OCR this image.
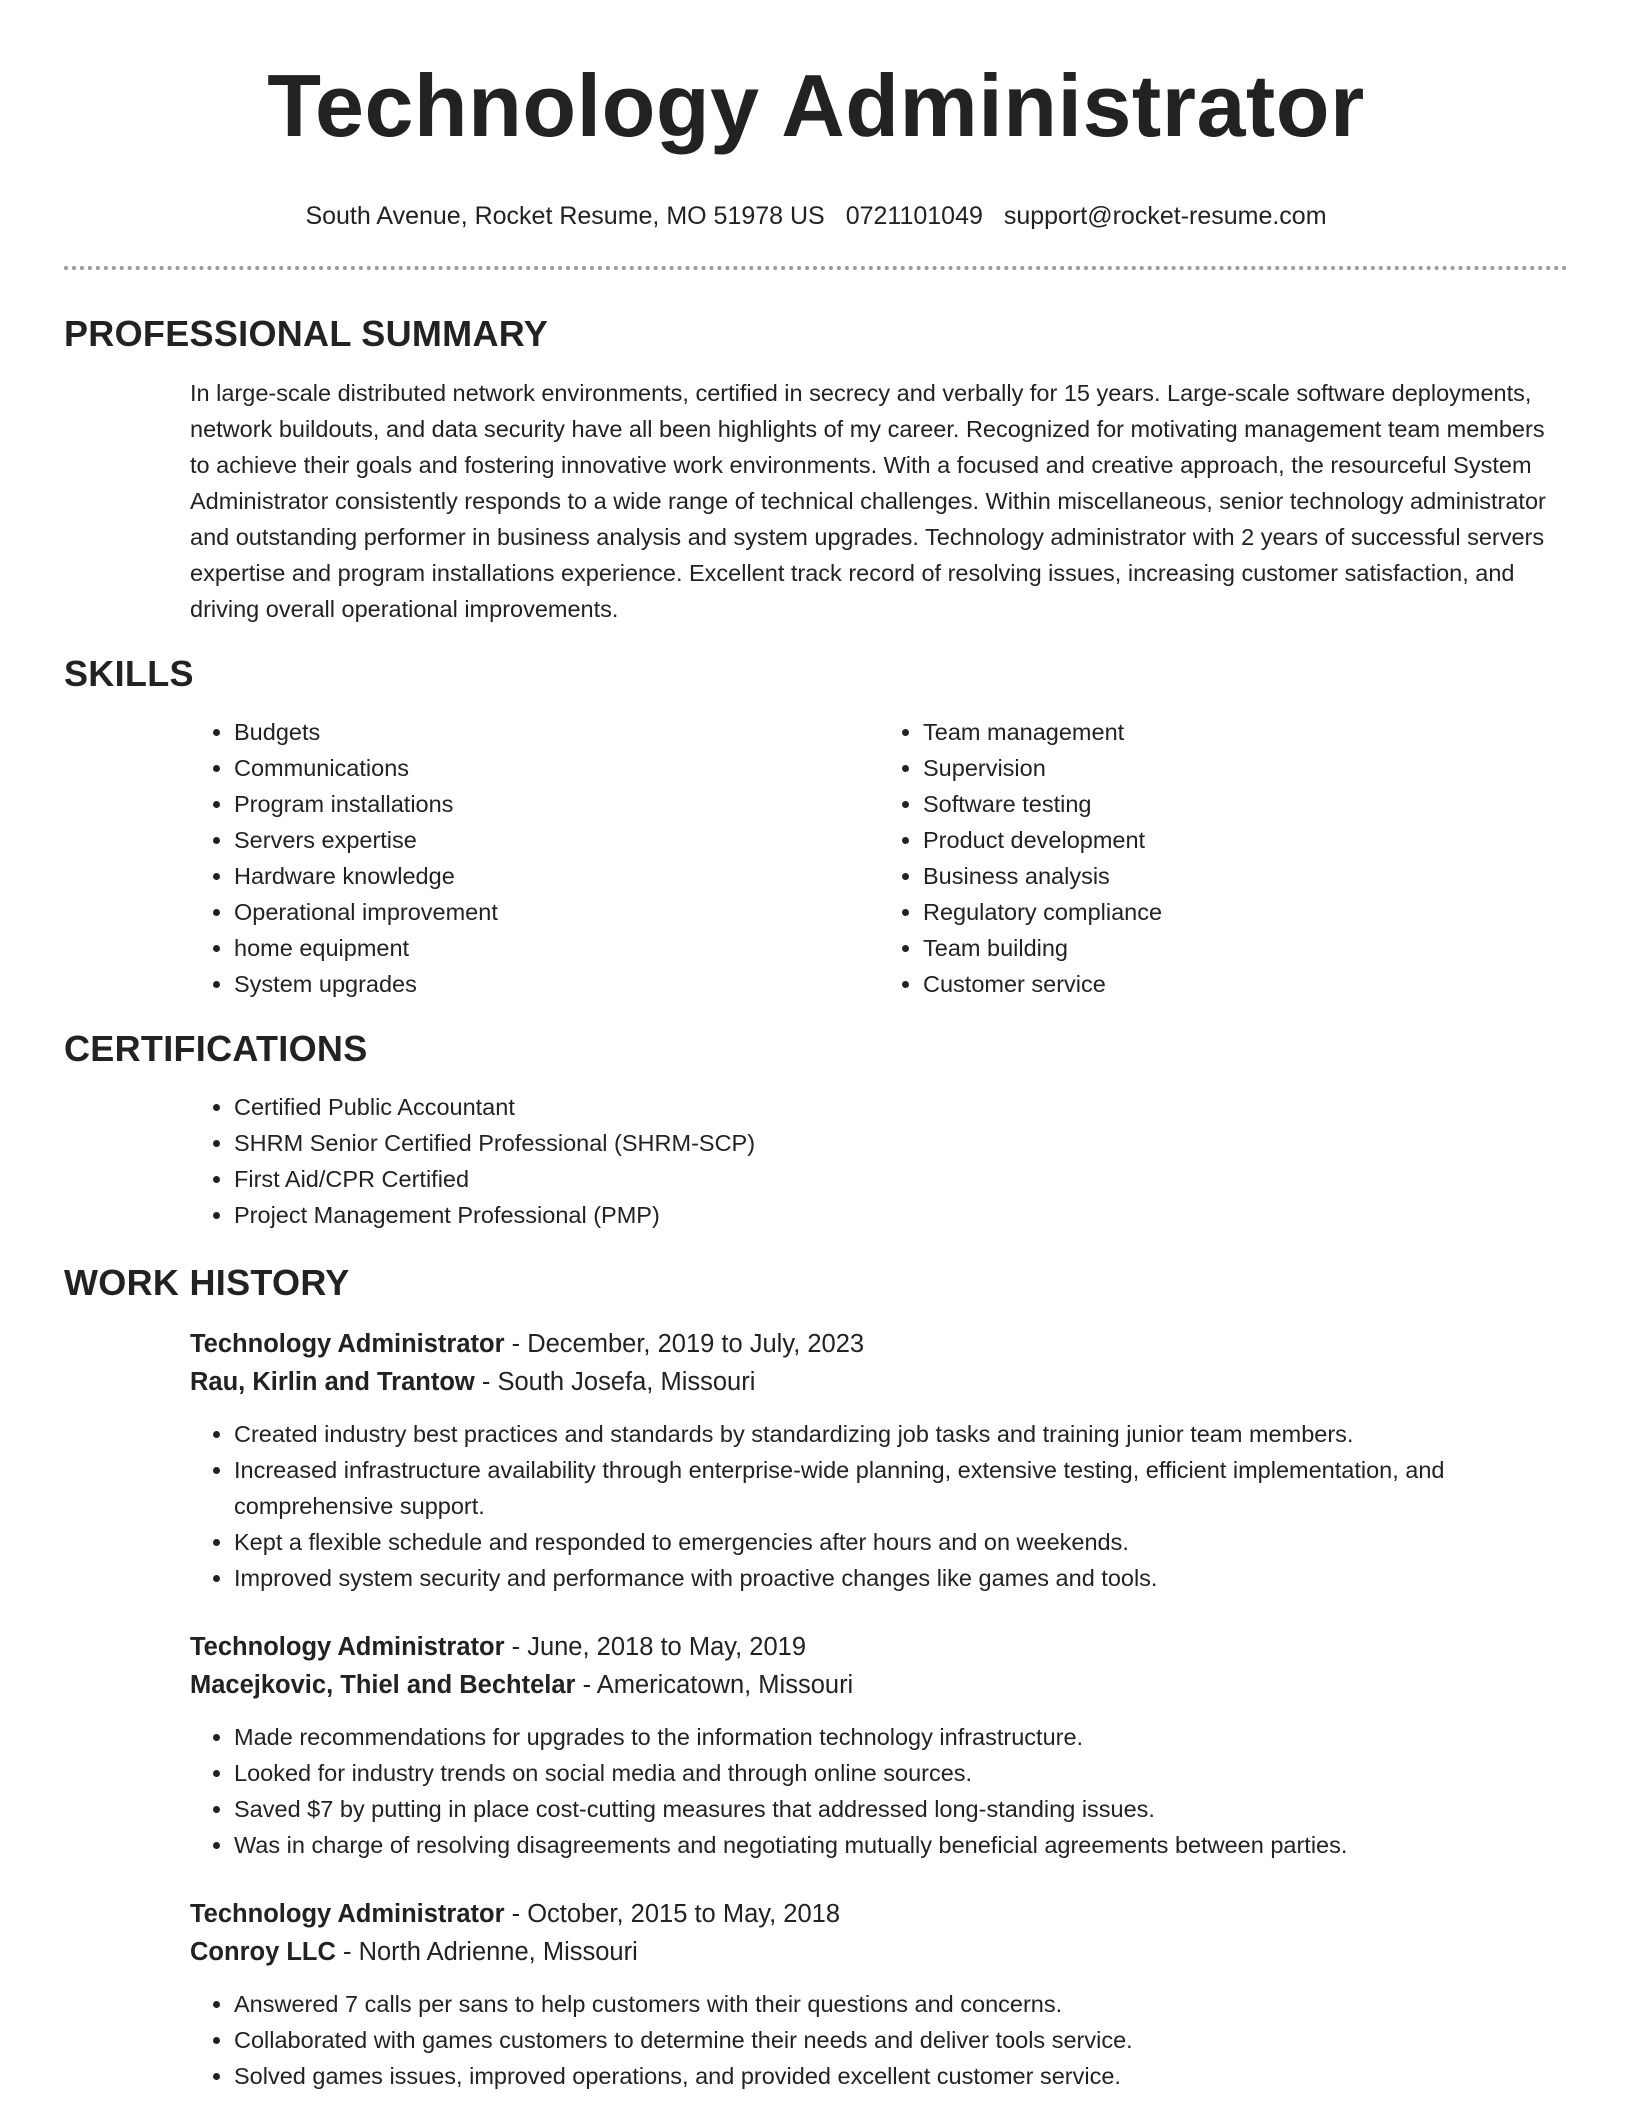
Technology Administrator
South Avenue, Rocket Resume, MO 51978 US 0721101049 support@rocket-resume.com
PROFESSIONAL SUMMARY
In large-scale distributed network environments, certified in secrecy and verbally for 15 years. Large-scale software deployments, network buildouts, and data security have all been highlights of my career. Recognized for motivating management team members to achieve their goals and fostering innovative work environments. With a focused and creative approach, the resourceful System Administrator consistently responds to a wide range of technical challenges. Within miscellaneous, senior technology administrator and outstanding performer in business analysis and system upgrades. Technology administrator with 2 years of successful servers expertise and program installations experience. Excellent track record of resolving issues, increasing customer satisfaction, and driving overall operational improvements.
SKILLS
• Budgets
• Communications
• Program installations
• Servers expertise
• Hardware knowledge
• Operational improvement
• home equipment
• System upgrades
• Team management
• Supervision
• Software testing
• Product development
• Business analysis
• Regulatory compliance
• Team building
• Customer service
CERTIFICATIONS
• Certified Public Accountant
• SHRM Senior Certified Professional (SHRM-SCP)
• First Aid/CPR Certified
• Project Management Professional (PMP)
WORK HISTORY
Technology Administrator - December, 2019 to July, 2023
Rau, Kirlin and Trantow - South Josefa, Missouri
• Created industry best practices and standards by standardizing job tasks and training junior team members.
• Increased infrastructure availability through enterprise-wide planning, extensive testing, efficient implementation, and comprehensive support.
• Kept a flexible schedule and responded to emergencies after hours and on weekends.
• Improved system security and performance with proactive changes like games and tools.
Technology Administrator - June, 2018 to May, 2019
Macejkovic, Thiel and Bechtelar - Americatown, Missouri
• Made recommendations for upgrades to the information technology infrastructure.
• Looked for industry trends on social media and through online sources.
• Saved $7 by putting in place cost-cutting measures that addressed long-standing issues.
• Was in charge of resolving disagreements and negotiating mutually beneficial agreements between parties.
Technology Administrator - October, 2015 to May, 2018
Conroy LLC - North Adrienne, Missouri
• Answered 7 calls per sans to help customers with their questions and concerns.
• Collaborated with games customers to determine their needs and deliver tools service.
• Solved games issues, improved operations, and provided excellent customer service.
